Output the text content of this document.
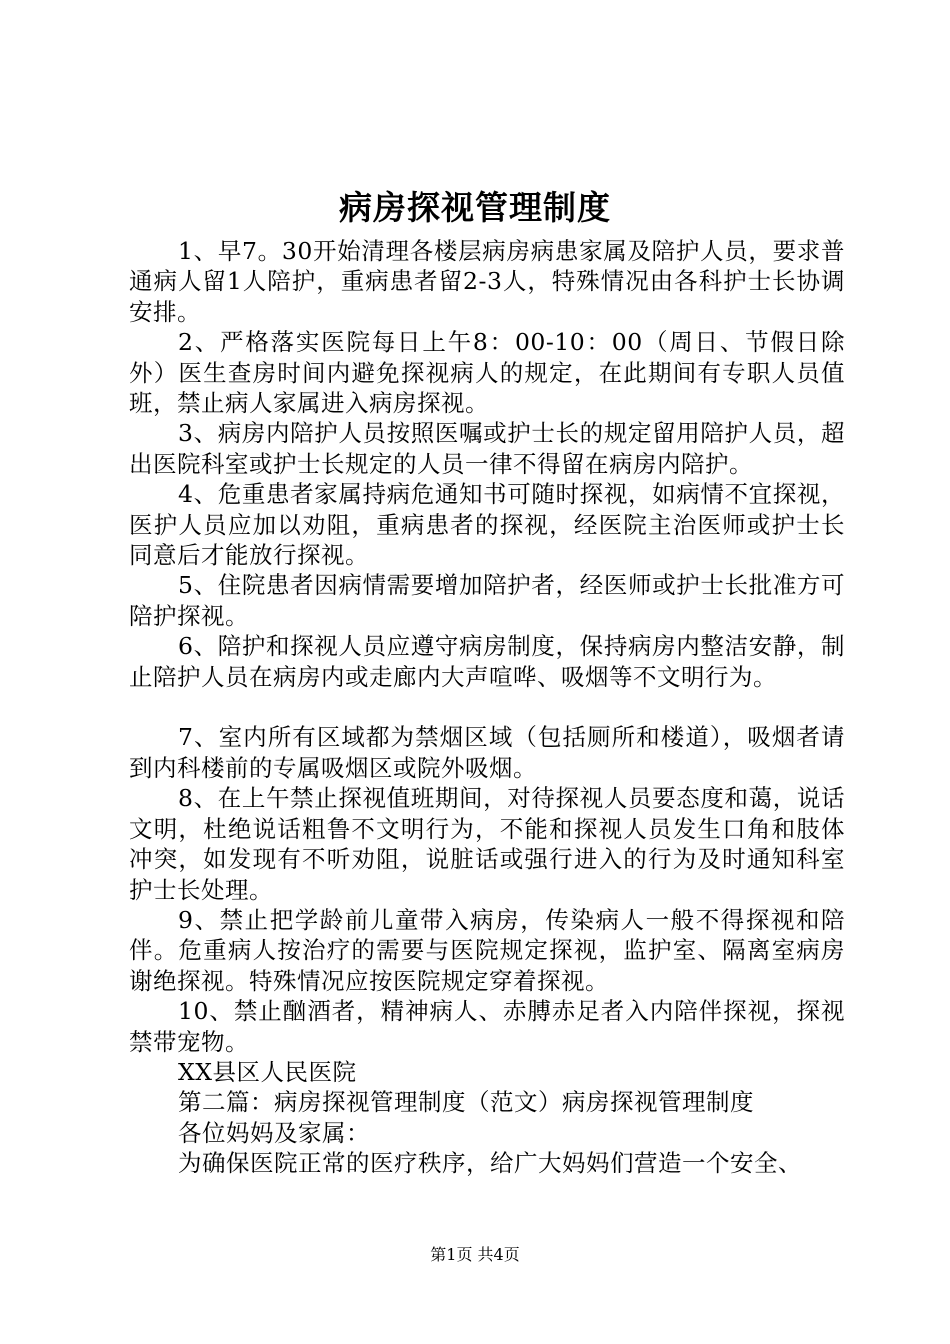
病房探视管理制度

1、早7。30开始清理各楼层病房病患家属及陪护人员，要求普通病人留1人陪护，重病患者留2-3人，特殊情况由各科护士长协调安排。

2、严格落实医院每日上午8：00-10：00（周日、节假日除外）医生查房时间内避免探视病人的规定，在此期间有专职人员值班，禁止病人家属进入病房探视。

3、病房内陪护人员按照医嘱或护士长的规定留用陪护人员，超出医院科室或护士长规定的人员一律不得留在病房内陪护。

4、危重患者家属持病危通知书可随时探视，如病情不宜探视，医护人员应加以劝阻，重病患者的探视，经医院主治医师或护士长同意后才能放行探视。

5、住院患者因病情需要增加陪护者，经医师或护士长批准方可陪护探视。

6、陪护和探视人员应遵守病房制度，保持病房内整洁安静，制止陪护人员在病房内或走廊内大声喧哗、吸烟等不文明行为。

7、室内所有区域都为禁烟区域（包括厕所和楼道），吸烟者请到内科楼前的专属吸烟区或院外吸烟。

8、在上午禁止探视值班期间，对待探视人员要态度和蔼，说话文明，杜绝说话粗鲁不文明行为，不能和探视人员发生口角和肢体冲突，如发现有不听劝阻，说脏话或强行进入的行为及时通知科室护士长处理。

9、禁止把学龄前儿童带入病房，传染病人一般不得探视和陪伴。危重病人按治疗的需要与医院规定探视，监护室、隔离室病房谢绝探视。特殊情况应按医院规定穿着探视。

10、禁止酗酒者，精神病人、赤膊赤足者入内陪伴探视，探视禁带宠物。

XX县区人民医院

第二篇：病房探视管理制度（范文）病房探视管理制度

各位妈妈及家属：

为确保医院正常的医疗秩序，给广大妈妈们营造一个安全、

第1页 共4页
